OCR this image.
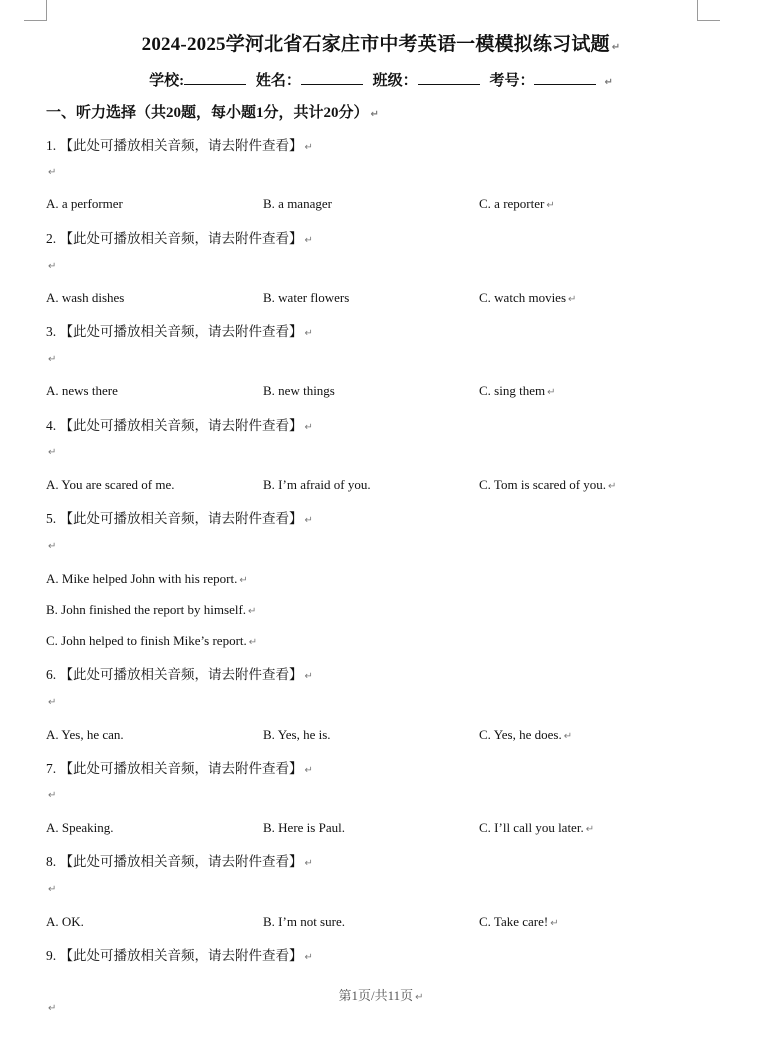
2024-2025学河北省石家庄市中考英语一模模拟练习试题 ↵
学校:	姓名：	班级：	考号：	↵
一、听力选择（共20题，每小题1分，共计20分） ↵
1. 【此处可播放相关音频，请去附件查看】 ↵
↵
A. a performer	B. a manager	C. a reporter ↵
2. 【此处可播放相关音频，请去附件查看】 ↵
↵
A. wash dishes	B. water flowers	C. watch movies ↵
3. 【此处可播放相关音频，请去附件查看】 ↵
↵
A. news there	B. new things	C. sing them ↵
4. 【此处可播放相关音频，请去附件查看】 ↵
↵
A. You are scared of me.	B. I’m afraid of you.	C. Tom is scared of you. ↵
5. 【此处可播放相关音频，请去附件查看】 ↵
↵
A. Mike helped John with his report. ↵
B. John finished the report by himself. ↵
C. John helped to finish Mike’s report. ↵
6. 【此处可播放相关音频，请去附件查看】 ↵
↵
A. Yes, he can.	B. Yes, he is.	C. Yes, he does. ↵
7. 【此处可播放相关音频，请去附件查看】 ↵
↵
A. Speaking.	B. Here is Paul.	C. I’ll call you later. ↵
8. 【此处可播放相关音频，请去附件查看】 ↵
↵
A. OK.	B. I’m not sure.	C. Take care! ↵
9. 【此处可播放相关音频，请去附件查看】 ↵
第1页/共11页 ↵
↵
